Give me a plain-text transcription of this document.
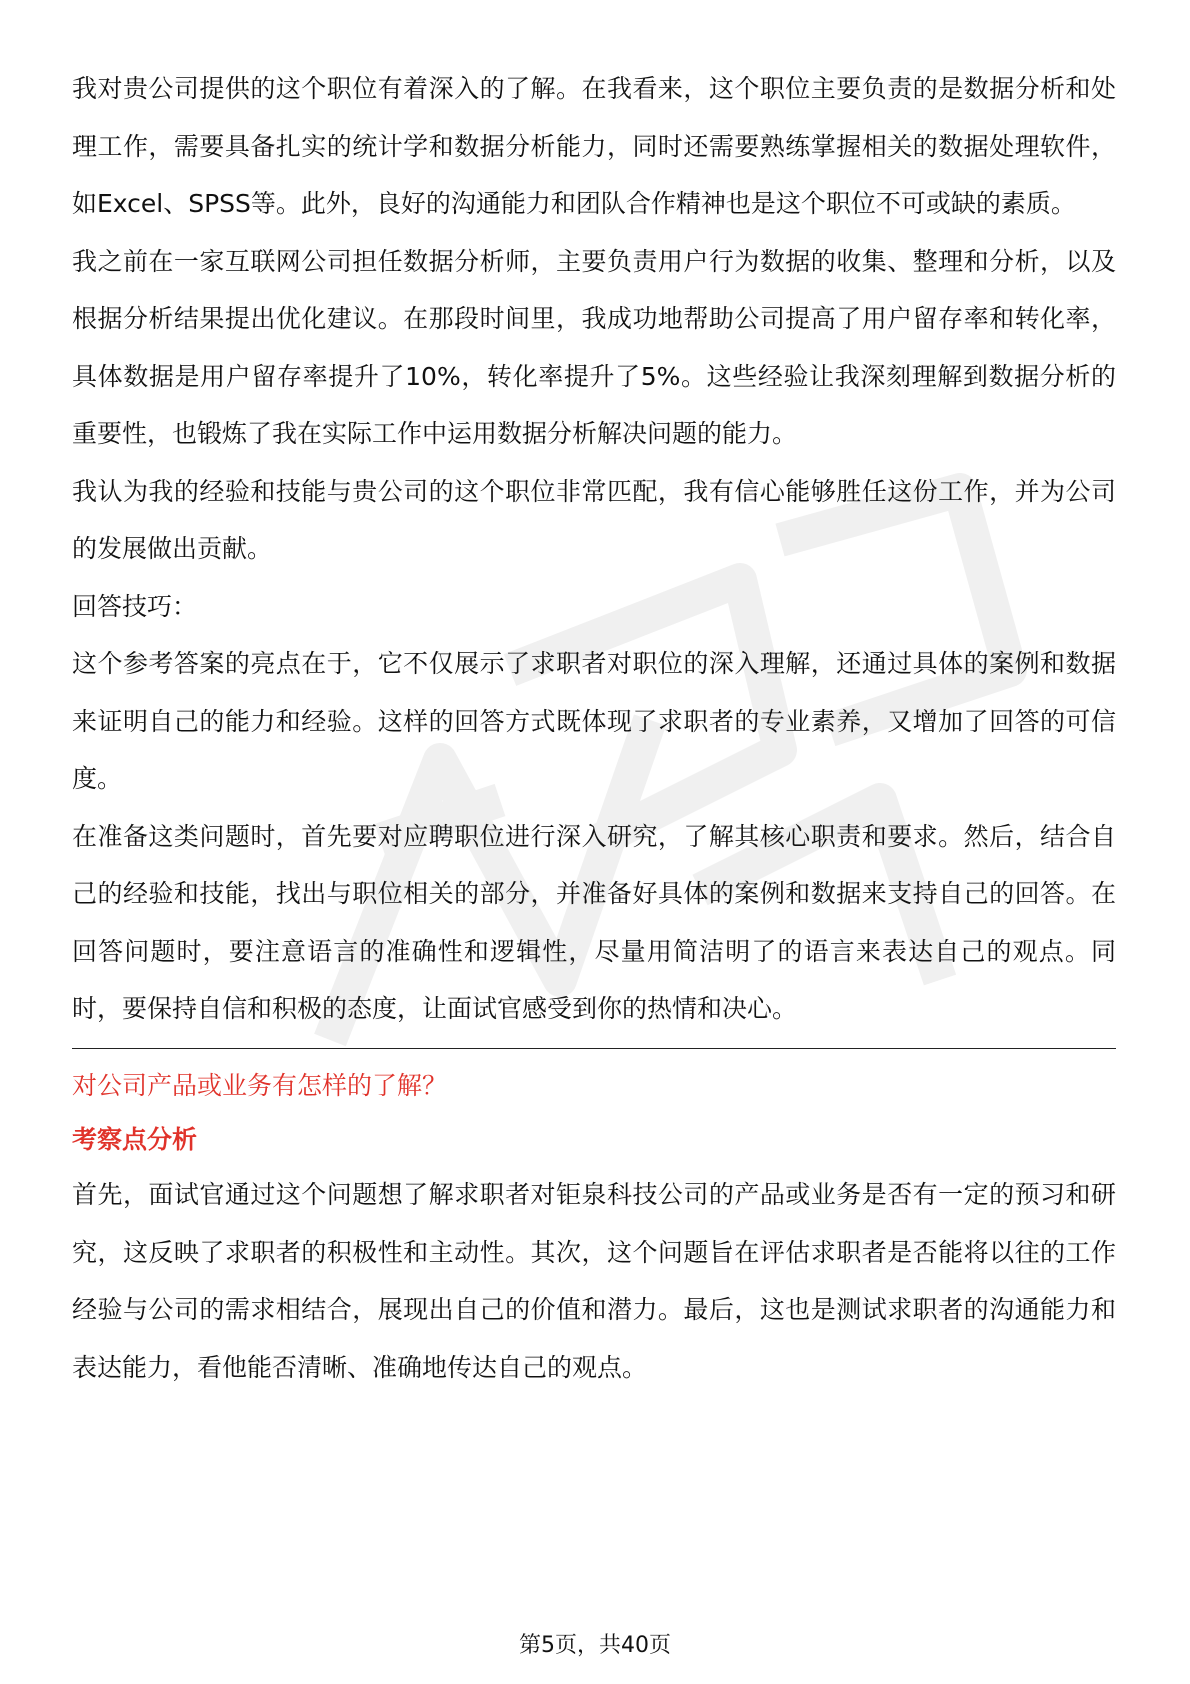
我对贵公司提供的这个职位有着深入的了解。在我看来，这个职位主要负责的是数据分析和处理工作，需要具备扎实的统计学和数据分析能力，同时还需要熟练掌握相关的数据处理软件，如Excel、SPSS等。此外，良好的沟通能力和团队合作精神也是这个职位不可或缺的素质。

我之前在一家互联网公司担任数据分析师，主要负责用户行为数据的收集、整理和分析，以及根据分析结果提出优化建议。在那段时间里，我成功地帮助公司提高了用户留存率和转化率，具体数据是用户留存率提升了10%，转化率提升了5%。这些经验让我深刻理解到数据分析的重要性，也锻炼了我在实际工作中运用数据分析解决问题的能力。

我认为我的经验和技能与贵公司的这个职位非常匹配，我有信心能够胜任这份工作，并为公司的发展做出贡献。

回答技巧：

这个参考答案的亮点在于，它不仅展示了求职者对职位的深入理解，还通过具体的案例和数据来证明自己的能力和经验。这样的回答方式既体现了求职者的专业素养，又增加了回答的可信度。

在准备这类问题时，首先要对应聘职位进行深入研究，了解其核心职责和要求。然后，结合自己的经验和技能，找出与职位相关的部分，并准备好具体的案例和数据来支持自己的回答。在回答问题时，要注意语言的准确性和逻辑性，尽量用简洁明了的语言来表达自己的观点。同时，要保持自信和积极的态度，让面试官感受到你的热情和决心。

对公司产品或业务有怎样的了解？

考察点分析

首先，面试官通过这个问题想了解求职者对钜泉科技公司的产品或业务是否有一定的预习和研究，这反映了求职者的积极性和主动性。其次，这个问题旨在评估求职者是否能将以往的工作经验与公司的需求相结合，展现出自己的价值和潜力。最后，这也是测试求职者的沟通能力和表达能力，看他能否清晰、准确地传达自己的观点。

第5页，共40页
